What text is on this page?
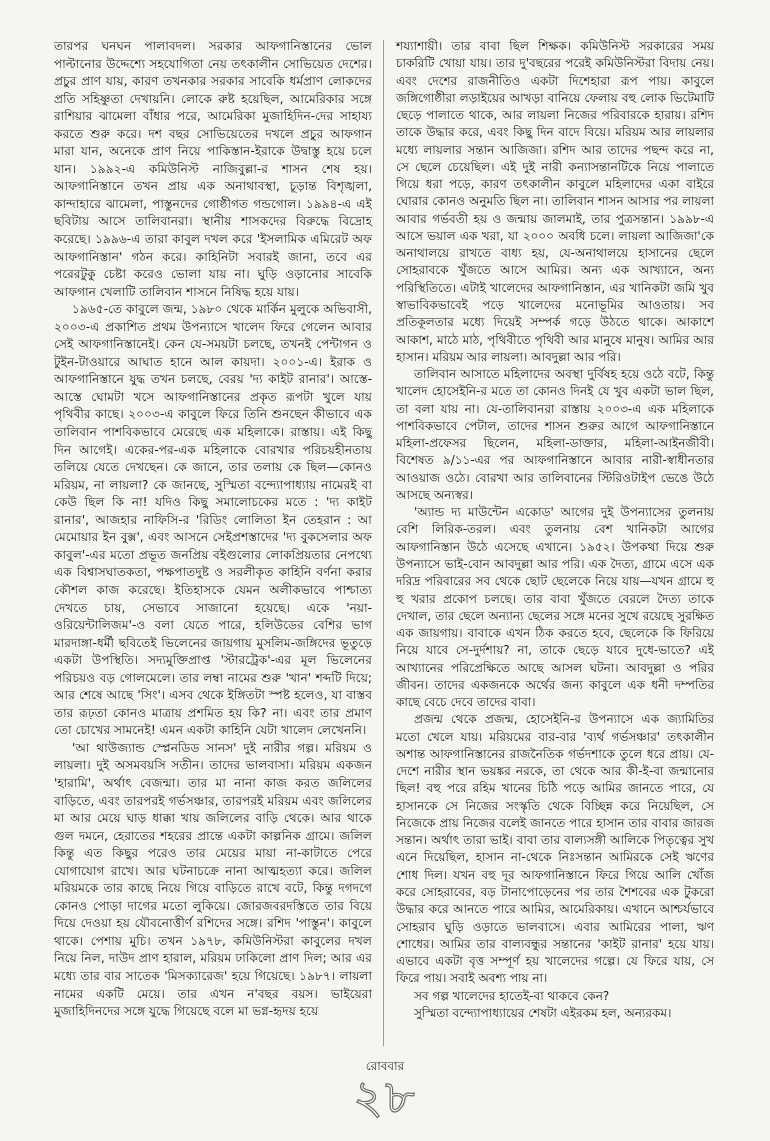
তারপর ঘনঘন পালাবদল। সরকার আফগানিস্তানের ভোল পাল্টানোর উদ্দেশ্যে সহযোগিতা নেয় তৎকালীন সোভিয়েত দেশের। প্রচুর প্রাণ যায়, কারণ তখনকার সরকার সাবেকি ধর্মপ্রাণ লোকদের প্রতি সহিষ্ণুতা দেখায়নি। লোকে রুষ্ট হয়েছিল, আমেরিকার সঙ্গে রাশিয়ার ঝামেলা বাঁধার পরে, আমেরিকা মুজাহিদিন-দের সাহায্য করতে শুরু করে। দশ বছর সোভিয়েতের দখলে প্রচুর আফগান মারা যান, অনেকে প্রাণ নিয়ে পাকিস্তান-ইরাকে উদ্বাস্তু হয়ে চলে যান। ১৯৯২-এ কমিউনিস্ট নাজিবুল্লা-র শাসন শেষ হয়। আফগানিস্তানে তখন প্রায় এক অনাথাবস্থা, চূড়ান্ত বিশৃঙ্খলা, কান্দাহারে ঝামেলা, পাস্তুনদের গোষ্ঠীগত গন্ডগোল। ১৯৯৪-এ এই ছবিটায় আসে তালিবানরা। স্থানীয় শাসকদের বিরুদ্ধে বিদ্রোহ করেছে। ১৯৯৬-এ তারা কাবুল দখল করে 'ইসলামিক এমিরেট অফ আফগানিস্তান' গঠন করে। কাহিনিটা সবারই জানা, তবে এর পরেরটুকু চেষ্টা করেও ভোলা যায় না। ঘুড়ি ওড়ানোর সাবেকি আফগান খেলাটি তালিবান শাসনে নিষিদ্ধ হয়ে যায়।

১৯৬৫-তে কাবুলে জন্ম, ১৯৮০ থেকে মার্কিন মুলুকে অভিবাসী, ২০০৩-এ প্রকাশিত প্রথম উপন্যাসে খালেদ ফিরে গেলেন আবার সেই আফগানিস্তানেই। কেন যে-সময়টা চলছে, তখনই পেন্টাগন ও টুইন-টাওয়ারে আঘাত হানে আল কায়দা। ২০০১-এ। ইরাক ও আফগানিস্তানে যুদ্ধ তখন চলছে, বেরয় 'দ্য কাইট রানার'। আস্তে-আস্তে ঘোমটা খসে আফগানিস্তানের প্রকৃত রূপটা খুলে যায় পৃথিবীর কাছে। ২০০৩-এ কাবুলে ফিরে তিনি শুনছেন কীভাবে এক তালিবান পাশবিকভাবে মেরেছে এক মহিলাকে। রাস্তায়। এই কিছু দিন আগেই। একের-পর-এক মহিলাকে বোরখার পরিচয়হীনতায় তলিয়ে যেতে দেখছেন। কে জানে, তার তলায় কে ছিল—কোনও মরিয়ম, না লায়লা? কে জানছে, সুস্মিতা বন্দ্যোপাধ্যায় নামেরই বা কেউ ছিল কি না! যদিও কিছু সমালোচকের মতে : 'দ্য কাইট রানার', আজহার নাফিসি-র 'রিডিং লোলিতা ইন তেহরান : আ মেমোয়ার ইন বুক্স', এবং আসনে সেইপ্রশস্তাদের 'দ্য বুকসেলার অফ কাবুল'-এর মতো প্রভূত জনপ্রিয় বইগুলোর লোকপ্রিয়তার নেপথ্যে এক বিশ্বাসঘাতকতা, পক্ষপাতদুষ্ট ও সরলীকৃত কাহিনি বর্ণনা করার কৌশল কাজ করেছে। ইতিহাসকে যেমন অলীকভাবে পাশ্চাত্য দেখতে চায়, সেভাবে সাজানো হয়েছে। একে 'নয়া-ওরিয়েন্টালিজম'-ও বলা যেতে পারে, হলিউডের বেশির ভাগ মারদাঙ্গা-ধর্মী ছবিতেই ভিলেনের জায়গায় মুসলিম-জঙ্গিদের ভূতুড়ে একটা উপস্থিতি। সদ্যমুক্তিপ্রাপ্ত 'স্টারট্রেক'-এর মূল ভিলেনের পরিচয়ও বড় গোলমেলে। তার লম্বা নামের শুরু 'খান' শব্দটি দিয়ে; আর শেষে আছে 'সিং'। এসব থেকে ইঙ্গিতটা স্পষ্ট হলেও, যা বাস্তব তার রূঢ়তা কোনও মাত্রায় প্রশমিত হয় কি? না। এবং তার প্রমাণ তো চোখের সামনেই! এমন একটা কাহিনি যেটা খালেদ লেখেননি।

'আ থাউজ্যান্ড স্প্লেনডিড সানস' দুই নারীর গল্প। মরিয়ম ও লায়লা। দুই অসমবয়সি সতীন। তাদের ভালবাসা। মরিয়ম একজন 'হারামি', অর্থাৎ বেজন্মা। তার মা নানা কাজ করত জলিলের বাড়িতে, এবং তারপরই গর্ভসঞ্চার, তারপরই মরিয়ম এবং জলিলের মা আর মেয়ে ঘাড় ধাক্কা খায় জলিলের বাড়ি থেকে। আর থাকে গুল দমনে, হেরাতের শহরের প্রান্তে একটা কাল্পনিক গ্রামে। জলিল কিন্তু এত কিছুর পরেও তার মেয়ের মায়া না-কাটাতে পেরে যোগাযোগ রাখে। আর ঘটনাচক্রে নানা আত্মহত্যা করে। জলিল মরিয়মকে তার কাছে নিয়ে গিয়ে বাড়িতে রাখে বটে, কিন্তু দগদগে কোনও পোড়া দাগের মতো লুকিয়ে। জোরজবরদস্তিতে তার বিয়ে দিয়ে দেওয়া হয় যৌবনোত্তীর্ণ রশিদের সঙ্গে। রশিদ 'পাস্তুন'। কাবুলে থাকে। পেশায় মুচি। তখন ১৯৭৮, কমিউনিস্টরা কাবুলের দখল নিয়ে নিল, দাউদ প্রাণ হারাল, মরিয়ম ঢাকিলো প্রাণ দিল; আর এর মধ্যে তার বার সাতেক 'মিসক্যারেজ' হয়ে গিয়েছে। ১৯৮৭। লায়লা নামের একটি মেয়ে। তার এখন ন'বছর বয়স। ভাইয়েরা মুজাহিদিনদের সঙ্গে যুদ্ধে গিয়েছে বলে মা ভগ্ন-হৃদয় হয়ে

শয্যাশায়ী। তার বাবা ছিল শিক্ষক। কমিউনিস্ট সরকারের সময় চাকরিটি খোয়া যায়। তার দু'বছরের পরেই কমিউনিস্টরা বিদায় নেয়। এবং দেশের রাজনীতিও একটা দিশেহারা রূপ পায়। কাবুলে জঙ্গিগোষ্ঠীরা লড়াইয়ের আখড়া বানিয়ে ফেলায় বহু লোক ভিটেমাটি ছেড়ে পালাতে থাকে, আর লায়লা নিজের পরিবারকে হারায়। রশিদ তাকে উদ্ধার করে, এবং কিছু দিন বাদে বিয়ে। মরিয়ম আর লায়লার মধ্যে লায়লার সন্তান আজিজা। রশিদ আর তাদের পছন্দ করে না, সে ছেলে চেয়েছিল। এই দুই নারী কন্যাসন্তানটিকে নিয়ে পালাতে গিয়ে ধরা পড়ে, কারণ তৎকালীন কাবুলে মহিলাদের একা বাইরে ঘোরার কোনও অনুমতি ছিল না। তালিবান শাসন আসার পর লায়লা আবার গর্ভবতী হয় ও জন্মায় জালমাই, তার পুত্রসন্তান। ১৯৯৮-এ আসে ভয়াল এক খরা, যা ২০০০ অবধি চলে। লায়লা আজিজা'কে অনাথালয়ে রাখতে বাধ্য হয়, যে-অনাথালয়ে হাসানের ছেলে সোহরাবকে খুঁজতে আসে আমির। অন্য এক আখ্যানে, অন্য পরিস্থিতিতে। এটাই খালেদের আফগানিস্তান, এর খানিকটা জমি খুব স্বাভাবিকভাবেই পড়ে খালেদের মনোভূমির আওতায়। সব প্রতিকূলতার মধ্যে দিয়েই সম্পর্ক গড়ে উঠতে থাকে। আকাশে আকাশ, মাঠে মাঠ, পৃথিবীতে পৃথিবী আর মানুষে মানুষ। আমির আর হাসান। মরিয়ম আর লায়লা। আবদুল্লা আর পরি।

তালিবান আসাতে মহিলাদের অবস্থা দুর্বিষহ হয়ে ওঠে বটে, কিন্তু খালেদ হোসেইনি-র মতে তা কোনও দিনই যে খুব একটা ভাল ছিল, তা বলা যায় না। যে-তালিবানরা রাস্তায় ২০০৩-এ এক মহিলাকে পাশবিকভাবে পেটাল, তাদের শাসন শুরুর আগে আফগানিস্তানে মহিলা-প্রফেসর ছিলেন, মহিলা-ডাক্তার, মহিলা-আইনজীবী। বিশেষত ৯/১১-এর পর আফগানিস্তানে আবার নারী-স্বাধীনতার আওয়াজ ওঠে। বোরখা আর তালিবানের স্টিরিওটাইপ ভেঙে উঠে আসছে অন্যস্বর।

'অ্যান্ড দ্য মাউন্টেন একোড' আগের দুই উপন্যাসের তুলনায় বেশি লিরিক-তরল। এবং তুলনায় বেশ খানিকটা আগের আফগানিস্তান উঠে এসেছে এখানে। ১৯৫২। উপকথা দিয়ে শুরু উপন্যাসে ভাই-বোন আবদুল্লা আর পরি। এক দৈত্য, গ্রামে এসে এক দরিদ্র পরিবারের সব থেকে ছোট ছেলেকে নিয়ে যায়—যখন গ্রামে হু হু খরার প্রকোপ চলছে। তার বাবা খুঁজতে বেরলে দৈত্য তাকে দেখাল, তার ছেলে অন্যান্য ছেলের সঙ্গে মনের সুখে রয়েছে সুরক্ষিত এক জায়গায়। বাবাকে এখন ঠিক করতে হবে, ছেলেকে কি ফিরিয়ে নিয়ে যাবে সে-দুর্দশায়? না, তাকে ছেড়ে যাবে দুধে-ভাতে? এই আখ্যানের পরিপ্রেক্ষিতে আছে আসল ঘটনা। আবদুল্লা ও পরির জীবন। তাদের একজনকে অর্থের জন্য কাবুলে এক ধনী দম্পতির কাছে বেচে দেবে তাদের বাবা।

প্রজন্ম থেকে প্রজন্ম, হোসেইনি-র উপন্যাসে এক জ্যামিতির মতো খেলে যায়। মরিয়মের বার-বার 'ব্যর্থ গর্ভসঞ্চার' তৎকালীন অশান্ত আফগানিস্তানের রাজনৈতিক গর্ভদশাকে তুলে ধরে প্রায়। যে-দেশে নারীর স্থান ভয়ঙ্কর নরকে, তা থেকে আর কী-ই-বা জন্মানোর ছিল! বহু পরে রহিম খানের চিঠি পড়ে আমির জানতে পারে, যে হাসানকে সে নিজের সংস্কৃতি থেকে বিচ্ছিন্ন করে নিয়েছিল, সে নিজেকে প্রায় নিজের বলেই জানতে পারে হাসান তার বাবার জারজ সন্তান। অর্থাৎ তারা ভাই। বাবা তার বাল্যসঙ্গী আলিকে পিতৃত্বের সুখ এনে দিয়েছিল, হাসান না-থেকে নিঃসন্তান আমিরকে সেই ঋণের শোধ দিল। যখন বহু দূর আফগানিস্তানে ফিরে গিয়ে আলি খোঁজ করে সোহরাবের, বড় টানাপোড়েনের পর তার শৈশবের এক টুকরো উদ্ধার করে আনতে পারে আমির, আমেরিকায়। এখানে আশ্চর্যভাবে সোহরাব ঘুড়ি ওড়াতে ভালবাসে। এবার আমিরের পালা, ঋণ শোধের। আমির তার বাল্যবন্ধুর সন্তানের 'কাইট রানার' হয়ে যায়। এভাবে একটা বৃত্ত সম্পূর্ণ হয় খালেদের গল্পে। যে ফিরে যায়, সে ফিরে পায়। সবাই অবশ্য পায় না।

সব গল্প খালেদের হাতেই-বা থাকবে কেন?

সুস্মিতা বন্দ্যোপাধ্যায়ের শেষটা এইরকম হল, অন্যরকম।

রোববার
২৮
